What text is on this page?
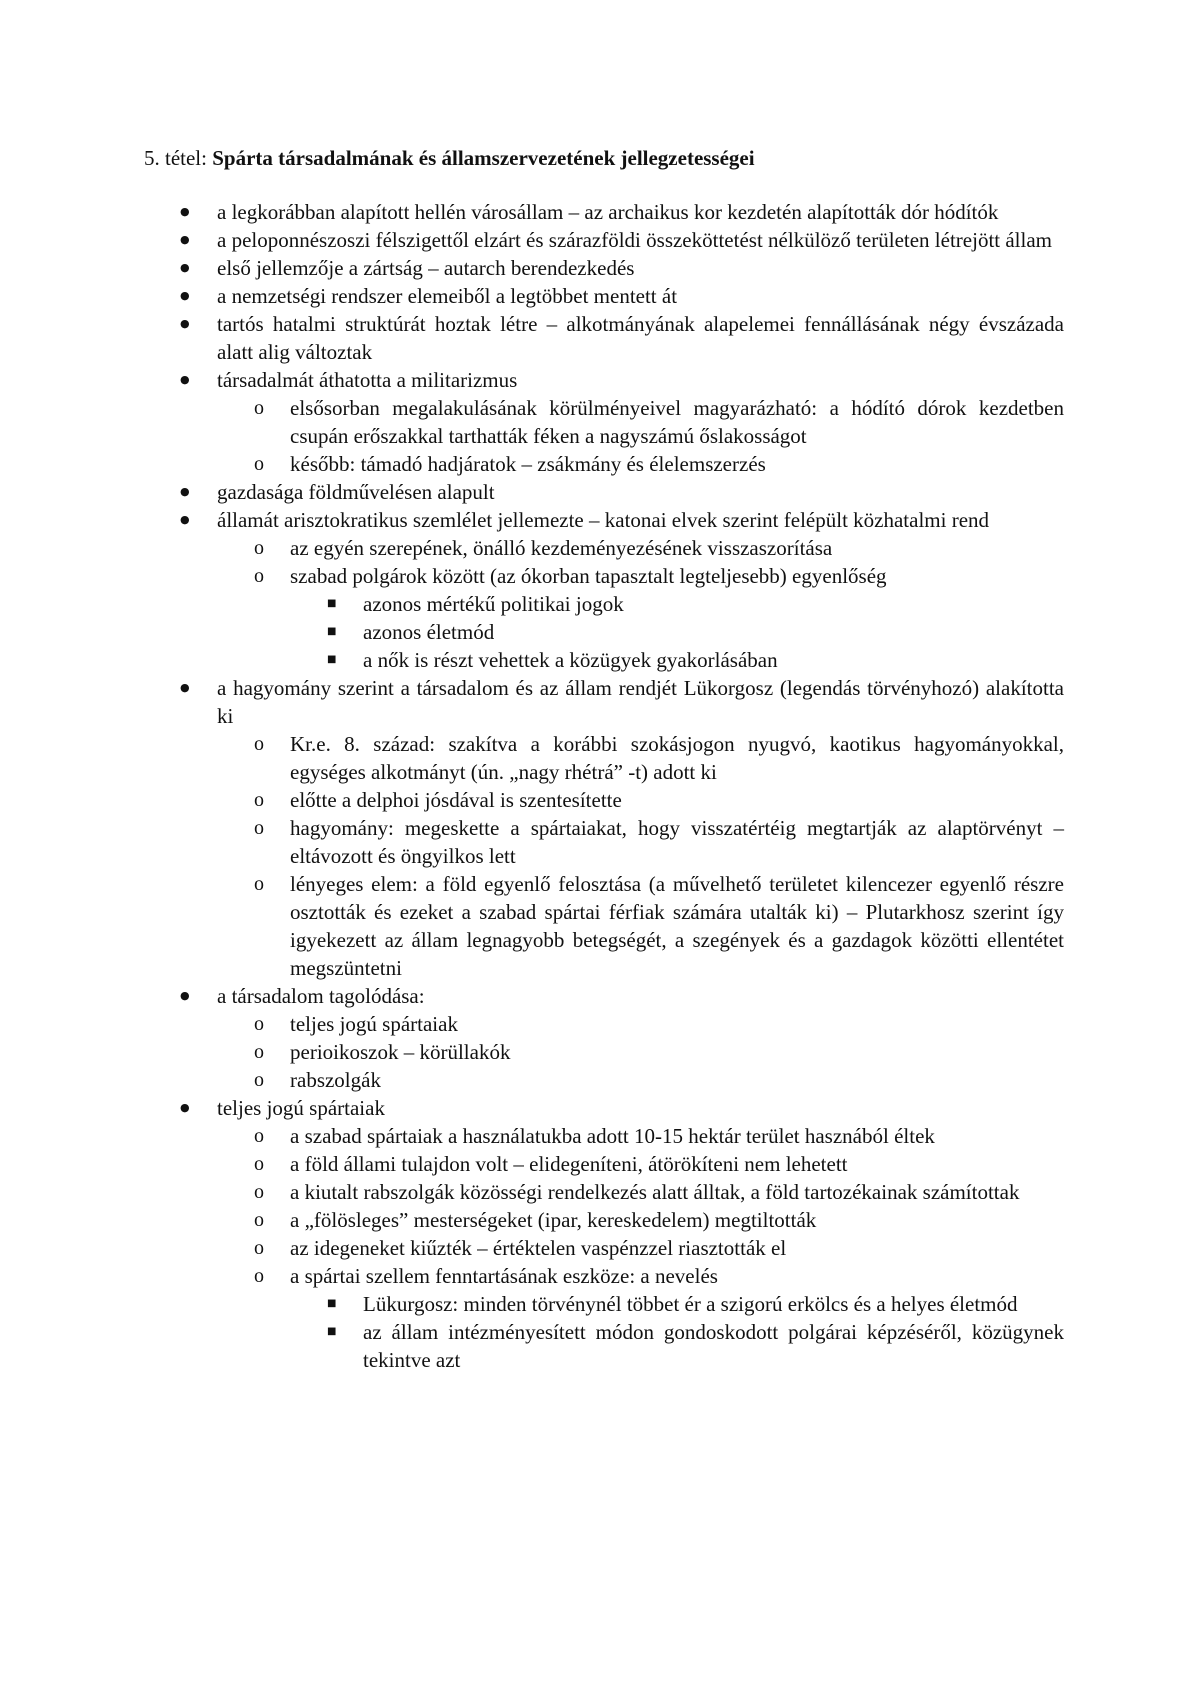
5. tétel: Spárta társadalmának és államszervezetének jellegzetességei
● a legkorábban alapított hellén városállam – az archaikus kor kezdetén alapították dór hódítók
● a peloponnészoszi félszigettől elzárt és szárazföldi összeköttetést nélkülöző területen létrejött állam
● első jellemzője a zártság – autarch berendezkedés
● a nemzetségi rendszer elemeiből a legtöbbet mentett át
● tartós hatalmi struktúrát hoztak létre – alkotmányának alapelemei fennállásának négy évszázada alatt alig változtak
● társadalmát áthatotta a militarizmus
o elsősorban megalakulásának körülményeivel magyarázható: a hódító dórok kezdetben csupán erőszakkal tarthatták féken a nagyszámú őslakosságot
o később: támadó hadjáratok – zsákmány és élelemszerzés
● gazdasága földművelésen alapult
● államát arisztokratikus szemlélet jellemezte – katonai elvek szerint felépült közhatalmi rend
o az egyén szerepének, önálló kezdeményezésének visszaszorítása
o szabad polgárok között (az ókorban tapasztalt legteljesebb) egyenlőség
■ azonos mértékű politikai jogok
■ azonos életmód
■ a nők is részt vehettek a közügyek gyakorlásában
● a hagyomány szerint a társadalom és az állam rendjét Lükorgosz (legendás törvényhozó) alakította ki
o Kr.e. 8. század: szakítva a korábbi szokásjogon nyugvó, kaotikus hagyományokkal, egységes alkotmányt (ún. „nagy rhétrá” -t) adott ki
o előtte a delphoi jósdával is szentesítette
o hagyomány: megeskette a spártaiakat, hogy visszatértéig megtartják az alaptörvényt – eltávozott és öngyilkos lett
o lényeges elem: a föld egyenlő felosztása (a művelhető területet kilencezer egyenlő részre osztották és ezeket a szabad spártai férfiak számára utalták ki) – Plutarkhosz szerint így igyekezett az állam legnagyobb betegségét, a szegények és a gazdagok közötti ellentétet megszüntetni
● a társadalom tagolódása:
o teljes jogú spártaiak
o perioikoszok – körüllakók
o rabszolgák
● teljes jogú spártaiak
o a szabad spártaiak a használatukba adott 10-15 hektár terület hasznából éltek
o a föld állami tulajdon volt – elidegeníteni, átörökíteni nem lehetett
o a kiutalt rabszolgák közösségi rendelkezés alatt álltak, a föld tartozékainak számítottak
o a „fölösleges” mesterségeket (ipar, kereskedelem) megtiltották
o az idegeneket kiűzték – értéktelen vaspénzzel riasztották el
o a spártai szellem fenntartásának eszköze: a nevelés
■ Lükurgosz: minden törvénynél többet ér a szigorú erkölcs és a helyes életmód
■ az állam intézményesített módon gondoskodott polgárai képzéséről, közügynek tekintve azt
